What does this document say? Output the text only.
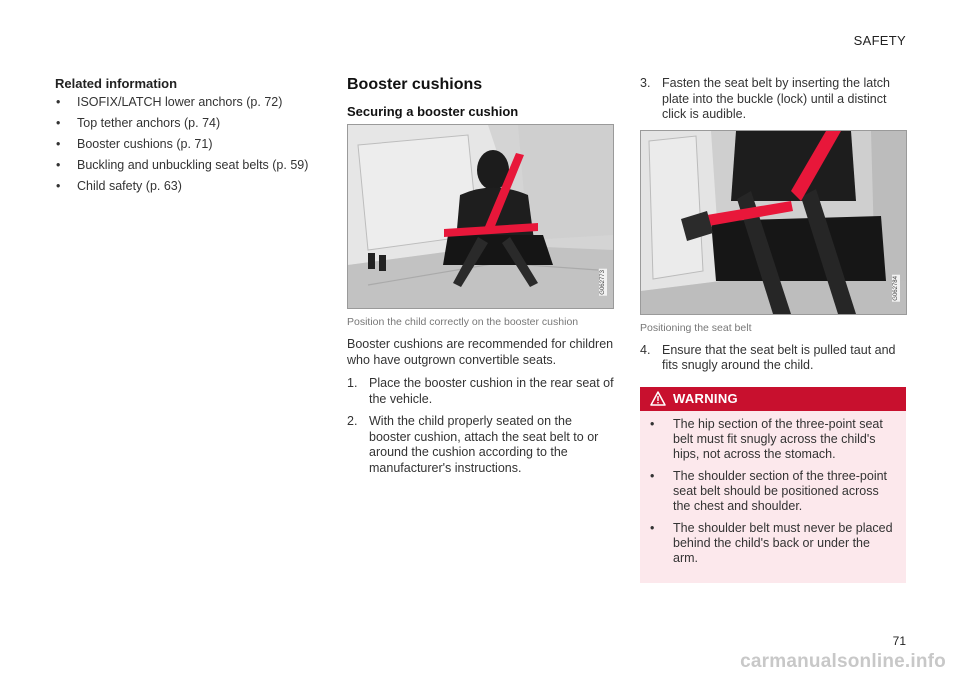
SAFETY
Related information
• ISOFIX/LATCH lower anchors (p. 72)
• Top tether anchors (p. 74)
• Booster cushions (p. 71)
• Buckling and unbuckling seat belts (p. 59)
• Child safety (p. 63)
Booster cushions
Securing a booster cushion
G062773
Position the child correctly on the booster cushion

Booster cushions are recommended for children who have outgrown convertible seats.

1. Place the booster cushion in the rear seat of the vehicle.
2. With the child properly seated on the booster cushion, attach the seat belt to or around the cushion according to the manufacturer's instructions.
3. Fasten the seat belt by inserting the latch plate into the buckle (lock) until a distinct click is audible.
G062784
Positioning the seat belt
4. Ensure that the seat belt is pulled taut and fits snugly around the child.
WARNING
• The hip section of the three-point seat belt must fit snugly across the child's hips, not across the stomach.
• The shoulder section of the three-point seat belt should be positioned across the chest and shoulder.
• The shoulder belt must never be placed behind the child's back or under the arm.
71
carmanualsonline.info
